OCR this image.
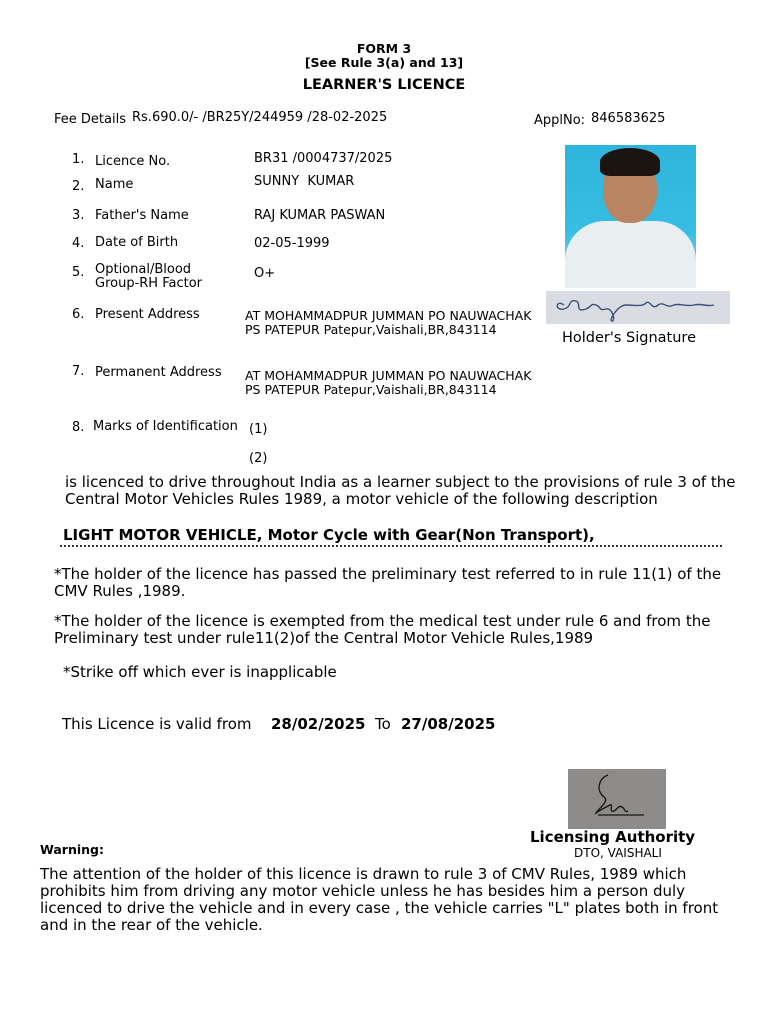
FORM 3
[See Rule 3(a) and 13]
LEARNER'S LICENCE
Fee Details Rs.690.0/- /BR25Y/244959 /28-02-2025	ApplNo: 846583625
1. Licence No.	BR31 /0004737/2025
2. Name	SUNNY  KUMAR
3. Father's Name	RAJ KUMAR PASWAN
4. Date of Birth	02-05-1999
5. Optional/Blood
Group-RH Factor
O+
6. Present Address	AT MOHAMMADPUR JUMMAN PO NAUWACHAK
PS PATEPUR Patepur,Vaishali,BR,843114
7. Permanent Address AT MOHAMMADPUR JUMMAN PO NAUWACHAK
PS PATEPUR Patepur,Vaishali,BR,843114
8. Marks of Identification (1)
(2)
Holder's Signature
is licenced to drive throughout India as a learner subject to the provisions of rule 3 of the Central Motor Vehicles Rules 1989, a motor vehicle of the following description
LIGHT MOTOR VEHICLE, Motor Cycle with Gear(Non Transport),
*The holder of the licence has passed the preliminary test referred to in rule 11(1) of the CMV Rules ,1989.
*The holder of the licence is exempted from the medical test under rule 6 and from the Preliminary test under rule11(2)of the Central Motor Vehicle Rules,1989
*Strike off which ever is inapplicable
This Licence is valid from 28/02/2025 To 27/08/2025
Licensing Authority
DTO, VAISHALI
Warning:
The attention of the holder of this licence is drawn to rule 3 of CMV Rules, 1989 which prohibits him from driving any motor vehicle unless he has besides him a person duly licenced to drive the vehicle and in every case , the vehicle carries "L" plates both in front and in the rear of the vehicle.
